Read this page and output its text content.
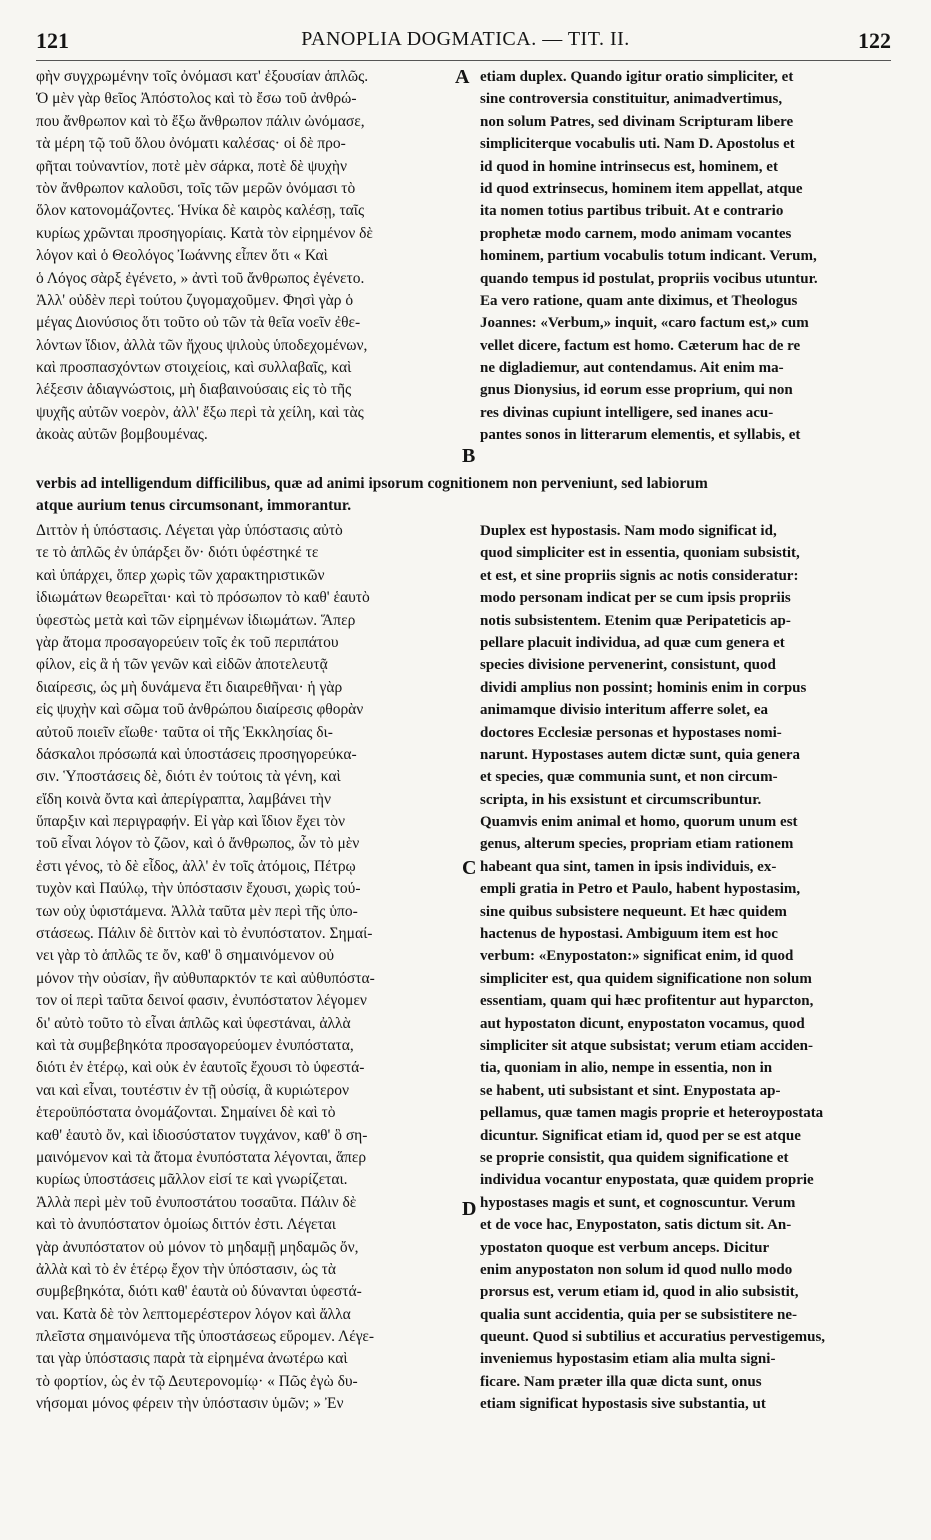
121	PANOPLIA DOGMATICA. — TIT. II.	122
φὴν συγχρωμένην τοῖς ὀνόμασι κατ' ἐξουσίαν ἁπλῶς.
Ὁ μὲν γὰρ θεῖος Ἀπόστολος καὶ τὸ ἔσω τοῦ ἀνθρώ-
που ἄνθρωπον καὶ τὸ ἔξω ἄνθρωπον πάλιν ὠνόμασε,
τὰ μέρη τῷ τοῦ ὅλου ὀνόματι καλέσας· οἱ δὲ προ-
φῆται τοὐναντίον, ποτὲ μὲν σάρκα, ποτὲ δὲ ψυχὴν
τὸν ἄνθρωπον καλοῦσι, τοῖς τῶν μερῶν ὀνόμασι τὸ
ὅλον κατονομάζοντες. Ἡνίκα δὲ καιρὸς καλέσῃ, ταῖς
κυρίως χρῶνται προσηγορίαις. Κατὰ τὸν εἰρημένον δὲ
λόγον καὶ ὁ Θεολόγος Ἰωάννης εἶπεν ὅτι « Καὶ
ὁ Λόγος σὰρξ ἐγένετο, » ἀντὶ τοῦ ἄνθρωπος ἐγένετο.
Ἀλλ' οὐδὲν περὶ τούτου ζυγομαχοῦμεν. Φησὶ γὰρ ὁ
μέγας Διονύσιος ὅτι τοῦτο οὐ τῶν τὰ θεῖα νοεῖν ἐθε-
λόντων ἴδιον, ἀλλὰ τῶν ἤχους ψιλοὺς ὑποδεχομένων,
καὶ προσπασχόντων στοιχείοις, καὶ συλλαβαῖς, καὶ
λέξεσιν ἀδιαγνώστοις, μὴ διαβαινούσαις εἰς τὸ τῆς
ψυχῆς αὐτῶν νοερὸν, ἀλλ' ἔξω περὶ τὰ χείλη, καὶ τὰς
ἀκοὰς αὐτῶν βομβουμένας.
etiam duplex. Quando igitur oratio simpliciter, et
sine controversia constituitur, animadvertimus,
non solum Patres, sed divinam Scripturam libere
simpliciterque vocabulis uti. Nam D. Apostolus et
id quod in homine intrinsecus est, hominem, et
id quod extrinsecus, hominem item appellat, atque
ita nomen totius partibus tribuit. At e contrario
prophetæ modo carnem, modo animam vocantes
hominem, partium vocabulis totum indicant. Verum,
quando tempus id postulat, propriis vocibus utuntur.
Ea vero ratione, quam ante diximus, et Theologus
Joannes: «Verbum,» inquit, «caro factum est,» cum
vellet dicere, factum est homo. Cæterum hac de re
ne digladiemur, aut contendamus. Ait enim ma-
gnus Dionysius, id eorum esse proprium, qui non
res divinas cupiunt intelligere, sed inanes acu-
pantes sonos in litterarum elementis, et syllabis, et
verbis ad intelligendum difficilibus, quæ ad animi ipsorum cognitionem non perveniunt, sed labiorum
atque aurium tenus circumsonant, immorantur.
Διττὸν ἡ ὑπόστασις. Λέγεται γὰρ ὑπόστασις αὐτὸ
τε τὸ ἁπλῶς ἐν ὑπάρξει ὄν· διότι ὑφέστηκέ τε
καὶ ὑπάρχει, ὅπερ χωρὶς τῶν χαρακτηριστικῶν
ἰδιωμάτων θεωρεῖται· καὶ τὸ πρόσωπον τὸ καθ' ἑαυτὸ
ὑφεστὼς μετὰ καὶ τῶν εἰρημένων ἰδιωμάτων. Ἅπερ
γὰρ ἄτομα προσαγορεύειν τοῖς ἐκ τοῦ περιπάτου
φίλον, εἰς ἃ ἡ τῶν γενῶν καὶ εἰδῶν ἀποτελευτᾷ
διαίρεσις, ὡς μὴ δυνάμενα ἔτι διαιρεθῆναι· ἡ γὰρ
εἰς ψυχὴν καὶ σῶμα τοῦ ἀνθρώπου διαίρεσις φθορὰν
αὐτοῦ ποιεῖν εἴωθε· ταῦτα οἱ τῆς Ἐκκλησίας δι-
δάσκαλοι πρόσωπά καὶ ὑποστάσεις προσηγορεύκα-
σιν. Ὑποστάσεις δὲ, διότι ἐν τούτοις τὰ γένη, καὶ
εἴδη κοινὰ ὄντα καὶ ἀπερίγραπτα, λαμβάνει τὴν
ὕπαρξιν καὶ περιγραφήν. Εἰ γὰρ καὶ ἴδιον ἔχει τὸν
τοῦ εἶναι λόγον τὸ ζῶον, καὶ ὁ ἄνθρωπος, ὧν τὸ μὲν
ἐστι γένος, τὸ δὲ εἶδος, ἀλλ' ἐν τοῖς ἀτόμοις, Πέτρῳ
τυχὸν καὶ Παύλῳ, τὴν ὑπόστασιν ἔχουσι, χωρὶς τού-
των οὐχ ὑφιστάμενα. Ἀλλὰ ταῦτα μὲν περὶ τῆς ὑπο-
στάσεως. Πάλιν δὲ διττὸν καὶ τὸ ἐνυπόστατον. Σημαί-
νει γὰρ τὸ ἁπλῶς τε ὄν, καθ' ὃ σημαινόμενον οὐ
μόνον τὴν οὐσίαν, ἣν αὐθυπαρκτόν τε καὶ αὐθυπόστα-
τον οἱ περὶ ταῦτα δεινοί φασιν, ἐνυπόστατον λέγομεν
δι' αὐτὸ τοῦτο τὸ εἶναι ἁπλῶς καὶ ὑφεστάναι, ἀλλὰ
καὶ τὰ συμβεβηκότα προσαγορεύομεν ἐνυπόστατα,
διότι ἐν ἑτέρῳ, καὶ οὐκ ἐν ἑαυτοῖς ἔχουσι τὸ ὑφεστά-
ναι καὶ εἶναι, τουτέστιν ἐν τῇ οὐσίᾳ, ἃ κυριώτερον
ἑτεροϋπόστατα ὀνομάζονται. Σημαίνει δὲ καὶ τὸ
καθ' ἑαυτὸ ὄν, καὶ ἰδιοσύστατον τυγχάνον, καθ' ὃ ση-
μαινόμενον καὶ τὰ ἄτομα ἐνυπόστατα λέγονται, ἅπερ
κυρίως ὑποστάσεις μᾶλλον εἰσί τε καὶ γνωρίζεται.
Ἀλλὰ περὶ μὲν τοῦ ἐνυποστάτου τοσαῦτα. Πάλιν δὲ
καὶ τὸ ἀνυπόστατον ὁμοίως διττόν ἐστι. Λέγεται
γὰρ ἀνυπόστατον οὐ μόνον τὸ μηδαμῇ μηδαμῶς ὄν,
ἀλλὰ καὶ τὸ ἐν ἑτέρῳ ἔχον τὴν ὑπόστασιν, ὡς τὰ
συμβεβηκότα, διότι καθ' ἑαυτὰ οὐ δύνανται ὑφεστά-
ναι. Κατὰ δὲ τὸν λεπτομερέστερον λόγον καὶ ἄλλα
πλεῖστα σημαινόμενα τῆς ὑποστάσεως εὕρομεν. Λέγε-
ται γὰρ ὑπόστασις παρὰ τὰ εἰρημένα ἀνωτέρω καὶ
τὸ φορτίον, ὡς ἐν τῷ Δευτερονομίῳ· « Πῶς ἐγὼ δυ-
νήσομαι μόνος φέρειν τὴν ὑπόστασιν ὑμῶν; » Ἐν
Duplex est hypostasis. Nam modo significat id,
quod simpliciter est in essentia, quoniam subsistit,
et est, et sine propriis signis ac notis consideratur:
modo personam indicat per se cum ipsis propriis
notis subsistentem. Etenim quæ Peripateticis ap-
pellare placuit individua, ad quæ cum genera et
species divisione pervenerint, consistunt, quod
dividi amplius non possint; hominis enim in corpus
animamque divisio interitum afferre solet, ea
doctores Ecclesiæ personas et hypostases nomi-
narunt. Hypostases autem dictæ sunt, quia genera
et species, quæ communia sunt, et non circum-
scripta, in his exsistunt et circumscribuntur.
Quamvis enim animal et homo, quorum unum est
genus, alterum species, propriam etiam rationem
habeant qua sint, tamen in ipsis individuis, ex-
empli gratia in Petro et Paulo, habent hypostasim,
sine quibus subsistere nequeunt. Et hæc quidem
hactenus de hypostasi. Ambiguum item est hoc
verbum: «Enypostaton:» significat enim, id quod
simpliciter est, qua quidem significatione non solum
essentiam, quam qui hæc profitentur aut hyparcton,
aut hypostaton dicunt, enypostaton vocamus, quod
simpliciter sit atque subsistat; verum etiam acciden-
tia, quoniam in alio, nempe in essentia, non in
se habent, uti subsistant et sint. Enypostata ap-
pellamus, quæ tamen magis proprie et heteroypostata
dicuntur. Significat etiam id, quod per se est atque
se proprie consistit, qua quidem significatione et
individua vocantur enypostata, quæ quidem proprie
hypostases magis et sunt, et cognoscuntur. Verum
et de voce hac, Enypostaton, satis dictum sit. An-
ypostaton quoque est verbum anceps. Dicitur
enim anypostaton non solum id quod nullo modo
prorsus est, verum etiam id, quod in alio subsistit,
qualia sunt accidentia, quia per se subsistitere ne-
queunt. Quod si subtilius et accuratius pervestigemus,
inveniemus hypostasim etiam alia multa signi-
ficare. Nam præter illa quæ dicta sunt, onus
etiam significat hypostasis sive substantia, ut
A
B
C
D
